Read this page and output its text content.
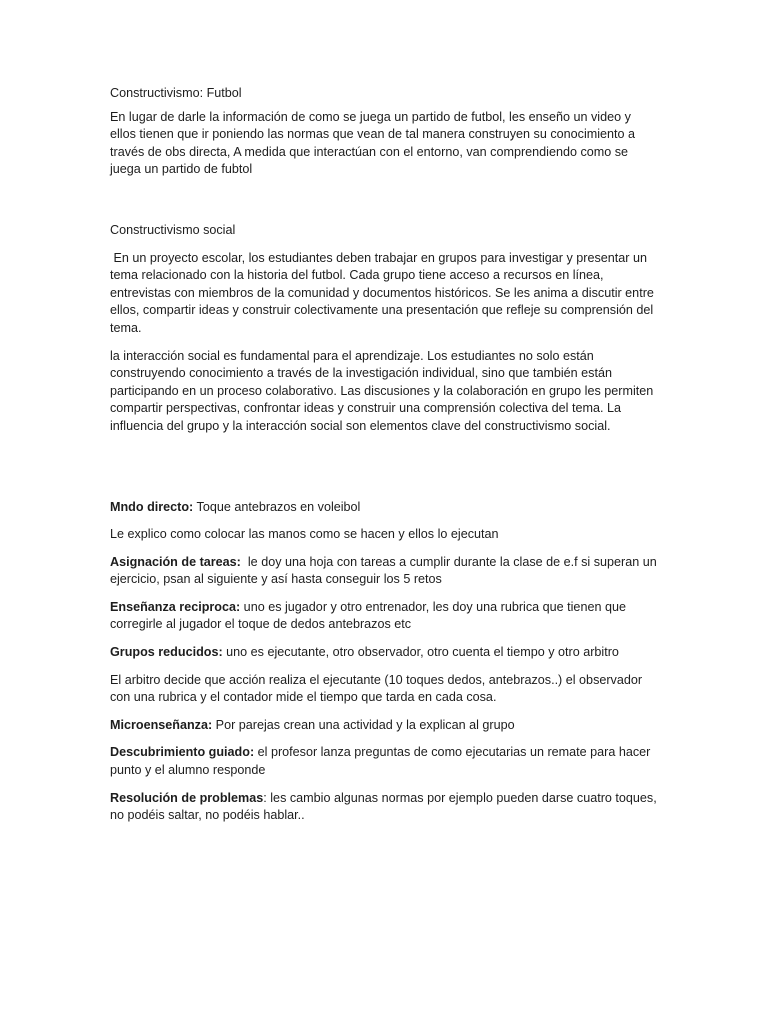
Constructivismo: Futbol

En lugar de darle la información de como se juega un partido de futbol, les enseño un video y ellos tienen que ir poniendo las normas que vean de tal manera construyen su conocimiento a través de obs directa, A medida que interactúan con el entorno, van comprendiendo como se juega un partido de fubtol

Constructivismo social

En un proyecto escolar, los estudiantes deben trabajar en grupos para investigar y presentar un tema relacionado con la historia del futbol. Cada grupo tiene acceso a recursos en línea, entrevistas con miembros de la comunidad y documentos históricos. Se les anima a discutir entre ellos, compartir ideas y construir colectivamente una presentación que refleje su comprensión del tema.

la interacción social es fundamental para el aprendizaje. Los estudiantes no solo están construyendo conocimiento a través de la investigación individual, sino que también están participando en un proceso colaborativo. Las discusiones y la colaboración en grupo les permiten compartir perspectivas, confrontar ideas y construir una comprensión colectiva del tema. La influencia del grupo y la interacción social son elementos clave del constructivismo social.

Mndo directo: Toque antebrazos en voleibol

Le explico como colocar las manos como se hacen y ellos lo ejecutan

Asignación de tareas:  le doy una hoja con tareas a cumplir durante la clase de e.f si superan un ejercicio, psan al siguiente y así hasta conseguir los 5 retos

Enseñanza reciproca: uno es jugador y otro entrenador, les doy una rubrica que tienen que corregirle al jugador el toque de dedos antebrazos etc

Grupos reducidos: uno es ejecutante, otro observador, otro cuenta el tiempo y otro arbitro

El arbitro decide que acción realiza el ejecutante (10 toques dedos, antebrazos..) el observador con una rubrica y el contador mide el tiempo que tarda en cada cosa.

Microenseñanza: Por parejas crean una actividad y la explican al grupo

Descubrimiento guiado: el profesor lanza preguntas de como ejecutarias un remate para hacer punto y el alumno responde

Resolución de problemas: les cambio algunas normas por ejemplo pueden darse cuatro toques, no podéis saltar, no podéis hablar..
